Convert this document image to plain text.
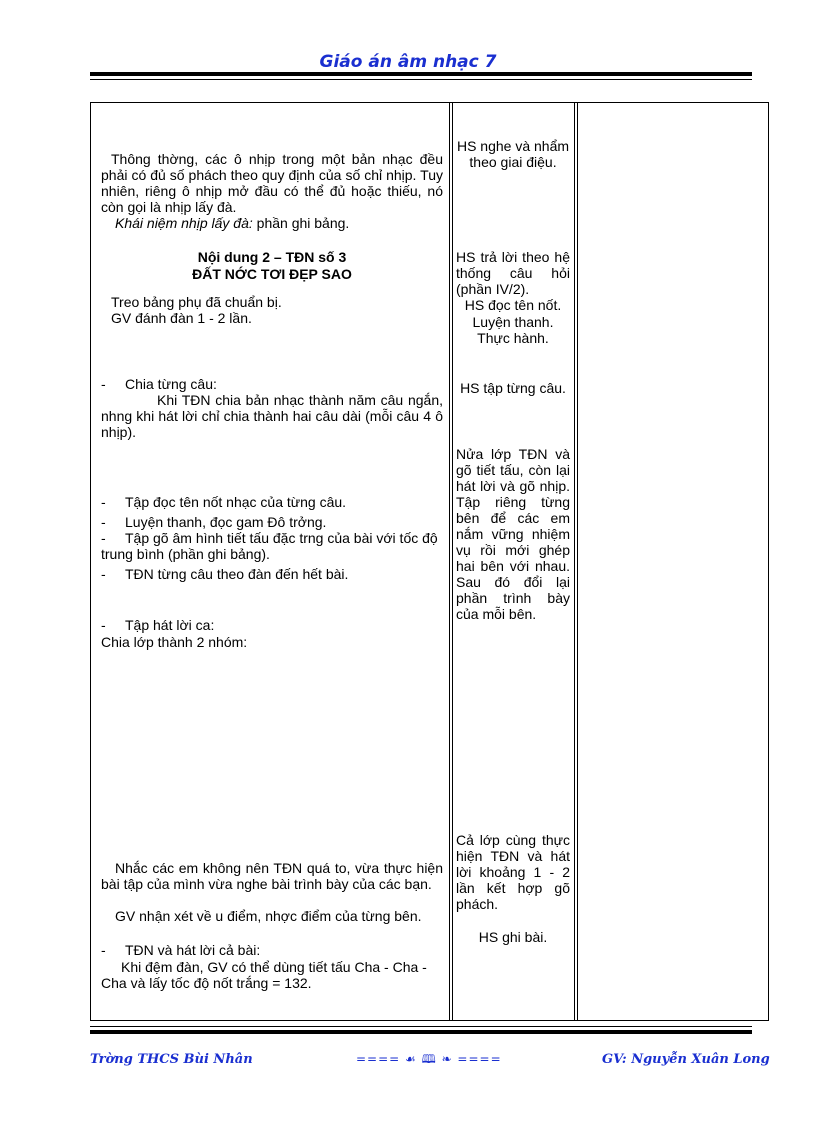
Giáo án âm nhạc 7
Thông thờng, các ô nhịp trong một bản nhạc đều phải có đủ số phách theo quy định của số chỉ nhịp. Tuy nhiên, riêng ô nhịp mở đầu có thể đủ hoặc thiếu, nó còn gọi là nhịp lấy đà.
Khái niệm nhịp lấy đà: phần ghi bảng.
Nội dung 2 – TĐN số 3
ĐẤT NỚC TƠI ĐẸP SAO
Treo bảng phụ đã chuẩn bị.
GV đánh đàn 1 - 2 lần.
- Chia từng câu:
Khi TĐN chia bản nhạc thành năm câu ngắn, nhng khi hát lời chỉ chia thành hai câu dài (mỗi câu 4 ô nhịp).
- Tập đọc tên nốt nhạc của từng câu.
- Luyện thanh, đọc gam Đô trởng.
- Tập gõ âm hình tiết tấu đặc trng của bài với tốc độ trung bình (phần ghi bảng).
- TĐN từng câu theo đàn đến hết bài.
- Tập hát lời ca:
Chia lớp thành 2 nhóm:
Nhắc các em không nên TĐN quá to, vừa thực hiện bài tập của mình vừa nghe bài trình bày của các bạn.
GV nhận xét về u điểm, nhợc điểm của từng bên.
- TĐN và hát lời cả bài:
Khi đệm đàn, GV có thể dùng tiết tấu Cha - Cha - Cha và lấy tốc độ nốt trắng = 132.
HS nghe và nhẩm theo giai điệu.
HS trả lời theo hệ thống câu hỏi (phần IV/2).
HS đọc tên nốt.
Luyện thanh.
Thực hành.
HS tập từng câu.
Nửa lớp TĐN và gõ tiết tấu, còn lại hát lời và gõ nhịp. Tập riêng từng bên để các em nắm vững nhiệm vụ rồi mới ghép hai bên với nhau. Sau đó đổi lại phần trình bày của mỗi bên.
Cả lớp cùng thực hiện TĐN và hát lời khoảng 1 - 2 lần kết hợp gõ phách.
HS ghi bài.
Trờng THCS Bùi Nhân	==== ☙ 🕮 ❧ ====	GV: Nguyễn Xuân Long
